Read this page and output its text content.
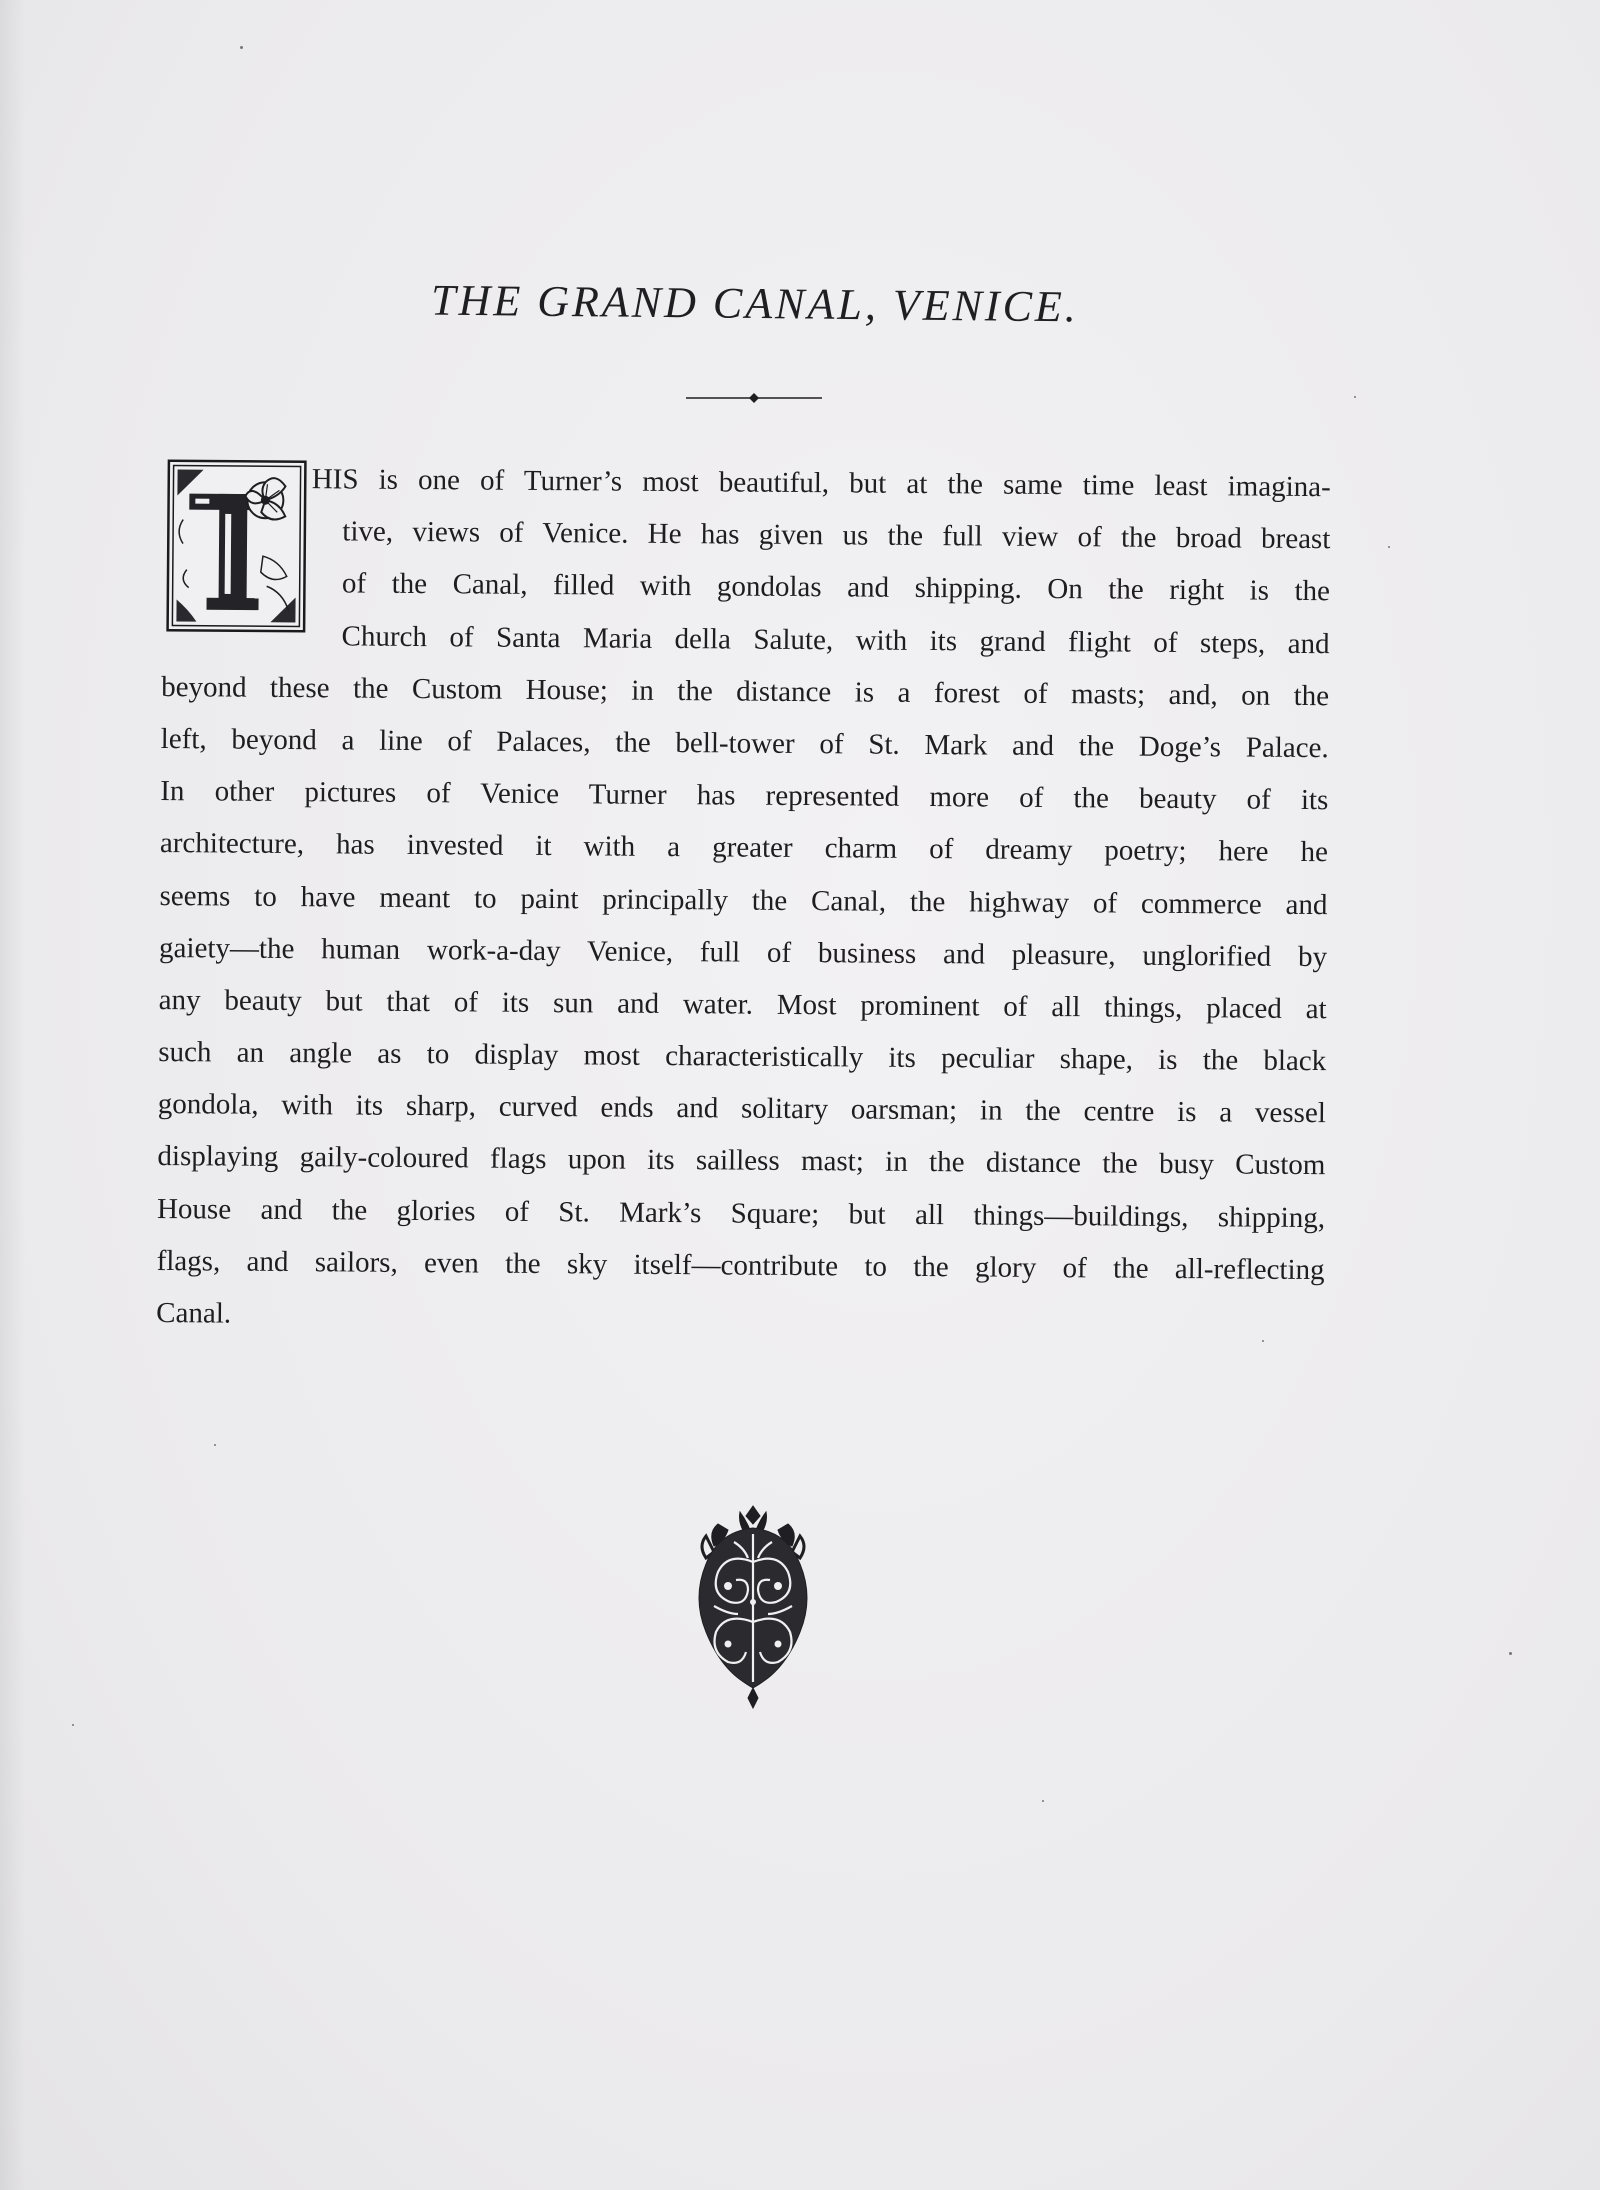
THE GRAND CANAL, VENICE.
HIS is one of Turner’s most beautiful, but at the same time least imagina-
tive, views of Venice. He has given us the full view of the broad breast
of the Canal, filled with gondolas and shipping. On the right is the
Church of Santa Maria della Salute, with its grand flight of steps, and
beyond these the Custom House; in the distance is a forest of masts; and, on the
left, beyond a line of Palaces, the bell-tower of St. Mark and the Doge’s Palace.
In other pictures of Venice Turner has represented more of the beauty of its
architecture, has invested it with a greater charm of dreamy poetry; here he
seems to have meant to paint principally the Canal, the highway of commerce and
gaiety—the human work-a-day Venice, full of business and pleasure, unglorified by
any beauty but that of its sun and water. Most prominent of all things, placed at
such an angle as to display most characteristically its peculiar shape, is the black
gondola, with its sharp, curved ends and solitary oarsman; in the centre is a vessel
displaying gaily-coloured flags upon its sailless mast; in the distance the busy Custom
House and the glories of St. Mark’s Square; but all things—buildings, shipping,
flags, and sailors, even the sky itself—contribute to the glory of the all-reflecting
Canal.
